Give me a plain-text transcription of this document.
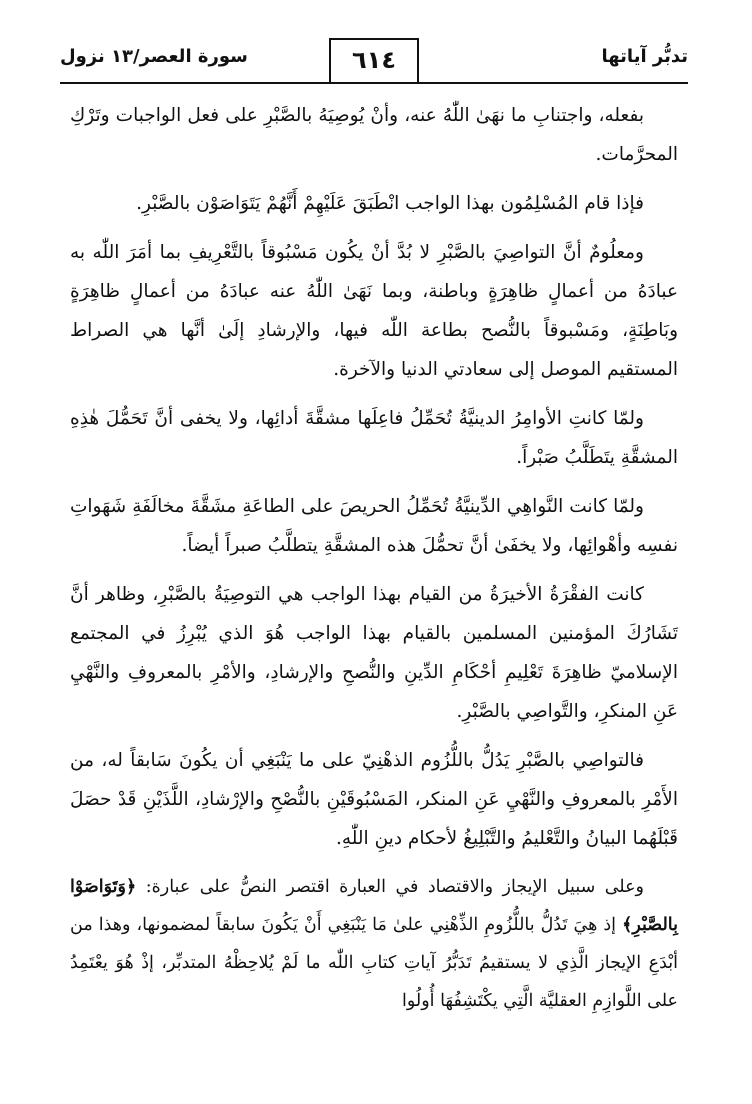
تدبُّر آياتها
٦١٤
سورة العصر/١٣ نزول

بفعله، واجتنابِ ما نهَىٰ اللّٰهُ عنه، وأنْ يُوصِيَهُ بالصَّبْرِ على فعل الواجبات وتَرْكِ المحرَّمات.

فإذا قام المُسْلِمُون بهذا الواجب انْطَبَقَ عَلَيْهِمْ أَنَّهُمْ يَتَوَاصَوْن بالصَّبْرِ.

ومعلُومٌ أنَّ التواصِيَ بالصَّبْرِ لا بُدَّ أنْ يكُون مَسْبُوقاً بالتَّعْرِيفِ بما أمَرَ اللّٰه به عبادَهُ من أعمالٍ ظاهِرَةٍ وباطنة، وبما نَهَىٰ اللّٰهُ عنه عبادَهُ من أعمالٍ ظاهِرَةٍ وبَاطِنَةٍ، ومَسْبوقاً بالنُّصح بطاعة اللّٰه فيها، والإرشادِ إلَىٰ أنَّها هي الصراط المستقيم الموصل إلى سعادتي الدنيا والآخرة.

ولمّا كانتِ الأوامِرُ الدينيَّةُ تُحَمِّلُ فاعِلَها مشقَّةَ أدائِها، ولا يخفى أنَّ تَحَمُّلَ هٰذِهِ المشقَّةِ يتَطَلَّبُ صَبْراً.

ولمّا كانت النَّواهِي الدِّينيَّةُ تُحَمِّلُ الحريصَ على الطاعَةِ مشَقَّةَ مخالَفَةِ شَهَواتِ نفسِه وأهْوائِها، ولا يخفَىٰ أنَّ تحمُّلَ هذه المشقَّةِ يتطلَّبُ صبراً أيضاً.

كانت الفقْرَةُ الأخيرَةُ من القيام بهذا الواجب هي التوصِيَةُ بالصَّبْرِ، وظاهر أنَّ تَشَارُكَ المؤمنين المسلمين بالقيام بهذا الواجب هُوَ الذي يُبْرِزُ في المجتمع الإسلاميّ ظاهِرَةَ تَعْلِيمِ أحْكَامِ الدِّينِ والنُّصحِ والإرشادِ، والأمْرِ بالمعروفِ والنَّهْيِ عَنِ المنكرِ، والتَّواصِي بالصَّبْرِ.

فالتواصِي بالصَّبْرِ يَدُلُّ باللُّزُوم الذهْنِيّ على ما يَنْبَغِي أن يكُونَ سَابقاً له، من الأَمْرِ بالمعروفِ والنَّهْيِ عَنِ المنكر، المَسْبُوقَيْنِ بالنُّصْحِ والإرْشادِ، اللَّذَيْنِ قَدْ حصَلَ قَبْلَهُما البيانُ والتَّعْليمُ والتَّبْلِيغُ لأحكام دينِ اللّٰهِ.

وعلى سبيل الإيجاز والاقتصاد في العبارة اقتصر النصُّ على عبارة: ﴿وَتَوَاصَوْا بِالصَّبْرِ﴾ إذ هِيَ تَدُلُّ باللُّزُومِ الذِّهْنِي علىٰ مَا يَنْبَغِي أَنْ يَكُونَ سابقاً لمضمونها، وهذا من أبْدَعِ الإيجاز الَّذِي لا يستقيمُ تَدَبُّرُ آياتِ كتابِ اللّٰه ما لَمْ يُلاحِظْهُ المتدبِّر، إذْ هُوَ يعْتَمِدُ على اللَّوازِمِ العقليَّة الَّتِي يكْتَشِفُهَا أُولُوا
